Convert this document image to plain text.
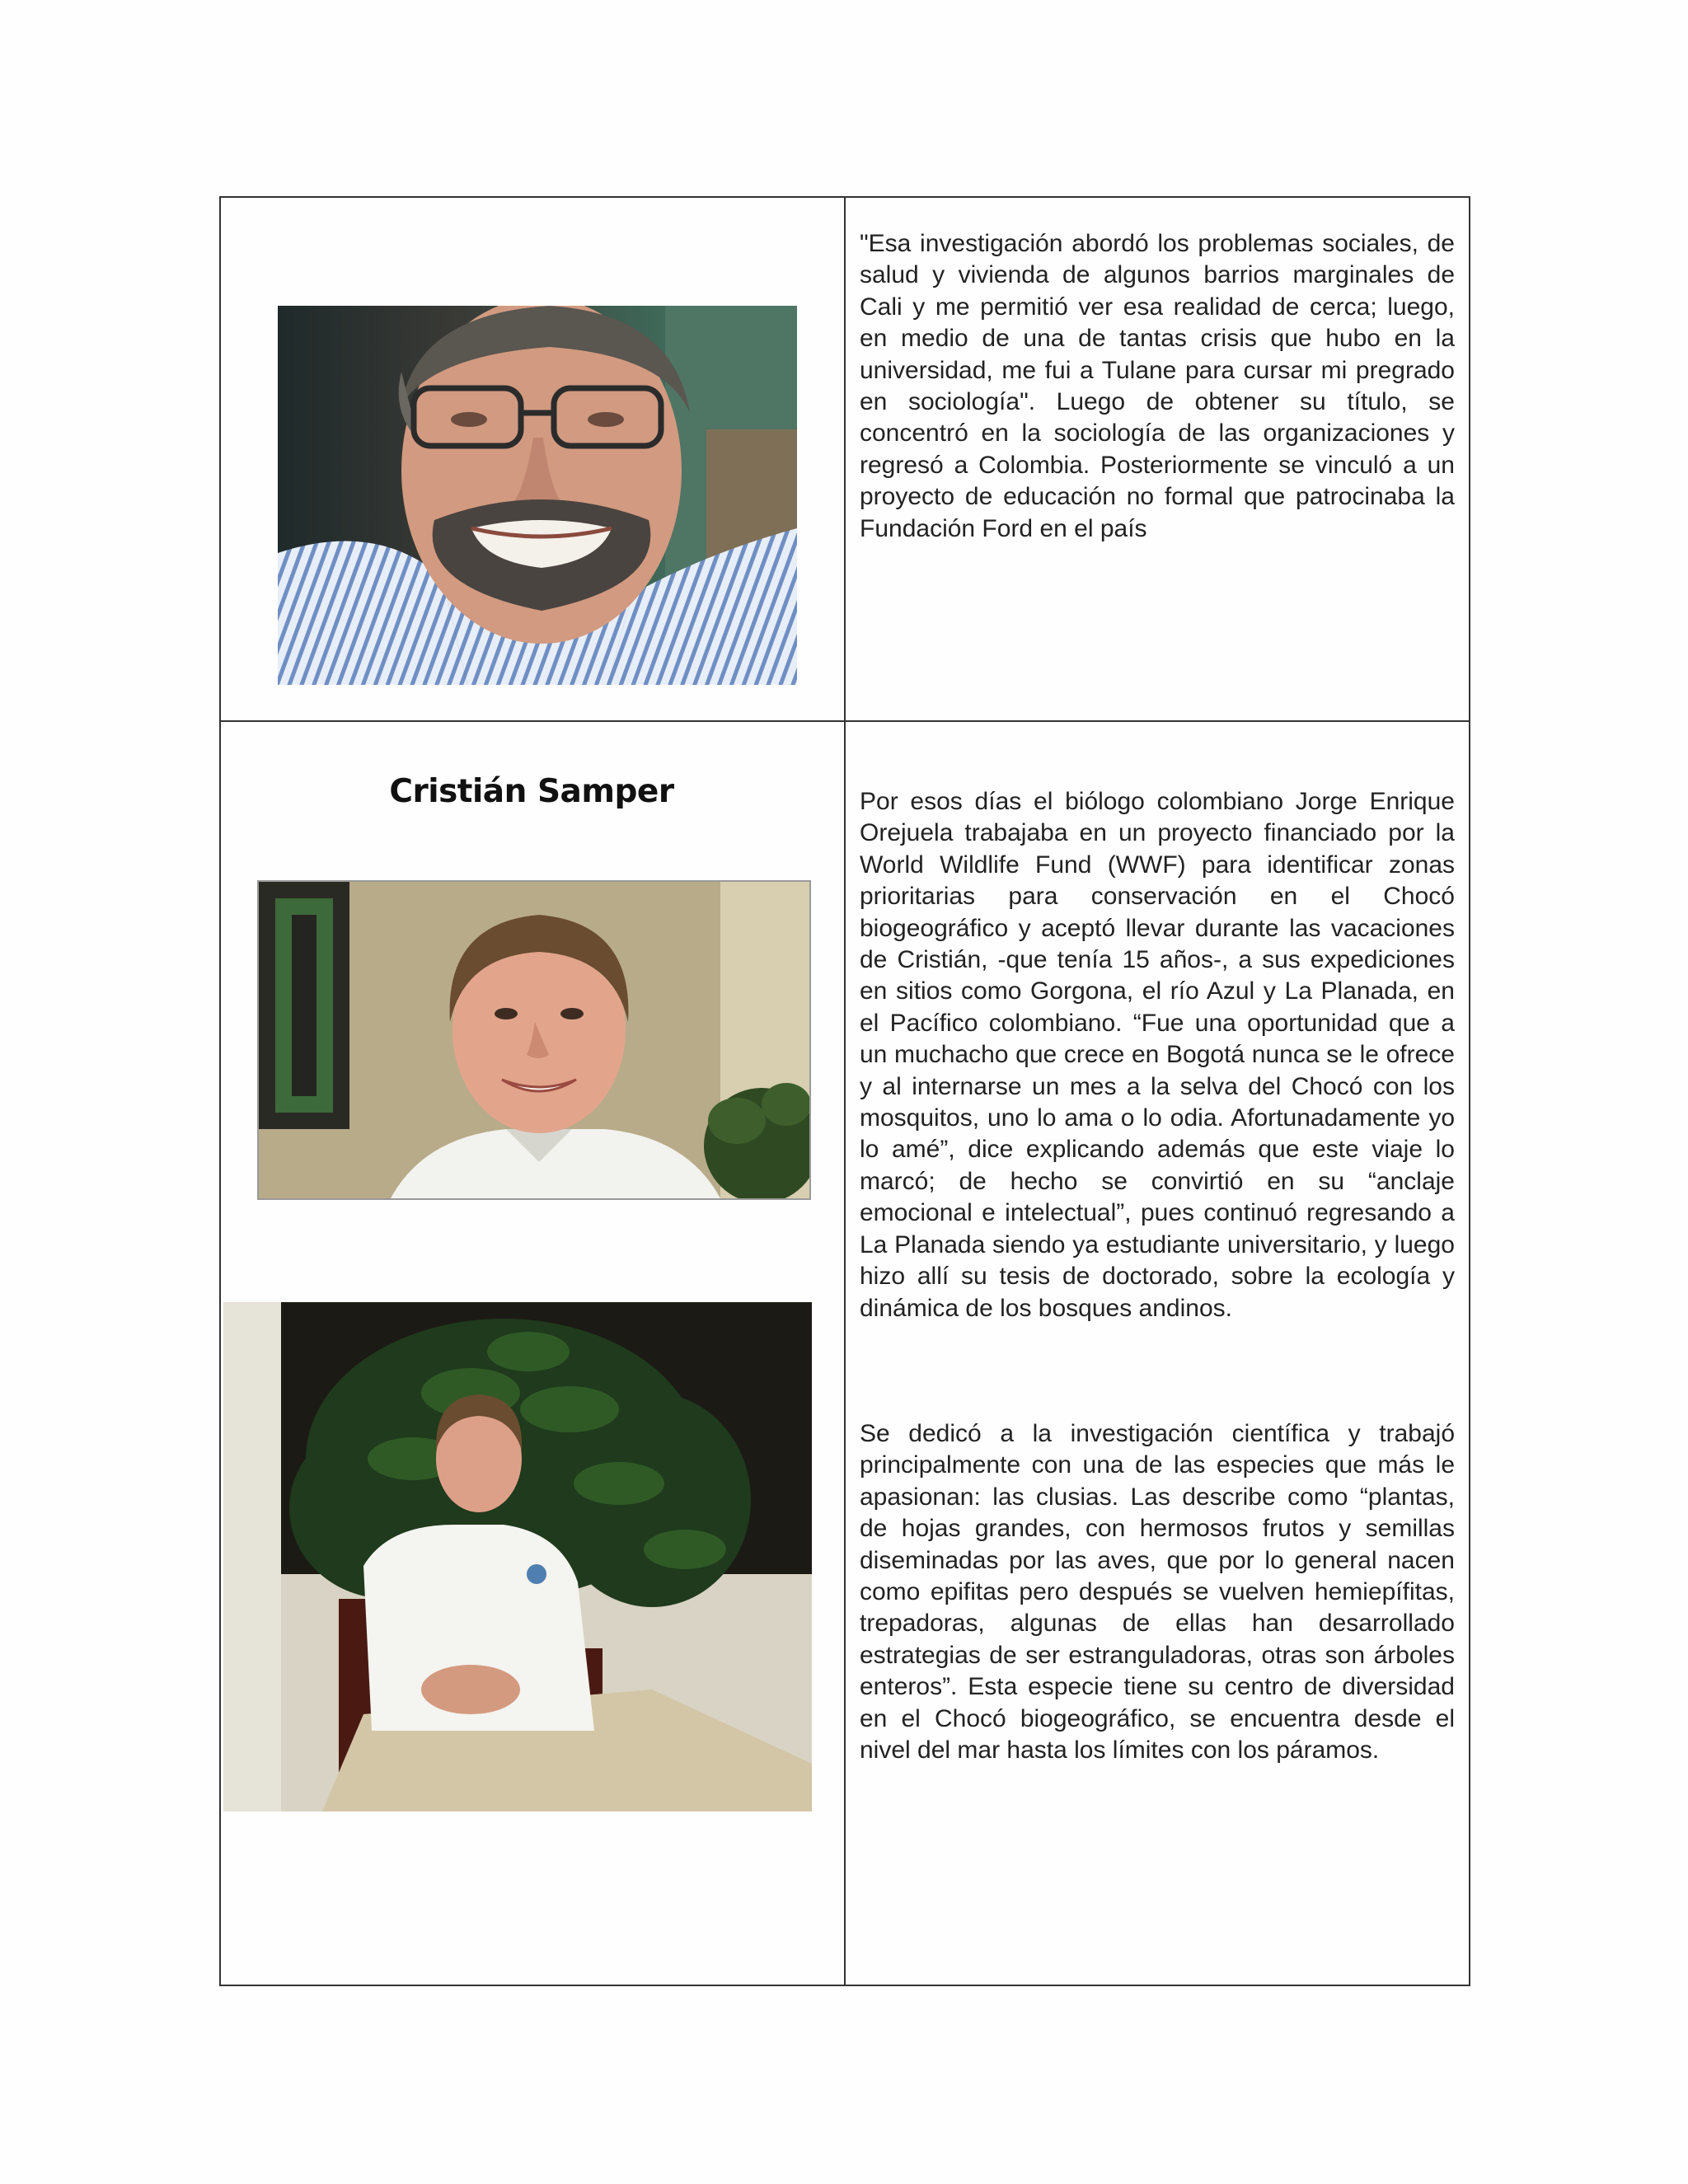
"Esa investigación abordó los problemas sociales, de salud y vivienda de algunos barrios marginales de Cali y me permitió ver esa realidad de cerca; luego, en medio de una de tantas crisis que hubo en la universidad, me fui a Tulane para cursar mi pregrado en sociología". Luego de obtener su título, se concentró en la sociología de las organizaciones y regresó a Colombia. Posteriormente se vinculó a un proyecto de educación no formal que patrocinaba la Fundación Ford en el país

Cristián Samper	Por esos días el biólogo colombiano Jorge Enrique Orejuela trabajaba en un proyecto financiado por la World Wildlife Fund (WWF) para identificar zonas prioritarias para conservación en el Chocó biogeográfico y aceptó llevar durante las vacaciones de Cristián, -que tenía 15 años-, a sus expediciones en sitios como Gorgona, el río Azul y La Planada, en el Pacífico colombiano. “Fue una oportunidad que a un muchacho que crece en Bogotá nunca se le ofrece y al internarse un mes a la selva del Chocó con los mosquitos, uno lo ama o lo odia. Afortunadamente yo lo amé”, dice explicando además que este viaje lo marcó; de hecho se convirtió en su “anclaje emocional e intelectual”, pues continuó regresando a La Planada siendo ya estudiante universitario, y luego hizo allí su tesis de doctorado, sobre la ecología y dinámica de los bosques andinos.

Se dedicó a la investigación científica y trabajó principalmente con una de las especies que más le apasionan: las clusias. Las describe como “plantas, de hojas grandes, con hermosos frutos y semillas diseminadas por las aves, que por lo general nacen como epifitas pero después se vuelven hemiepífitas, trepadoras, algunas de ellas han desarrollado estrategias de ser estranguladoras, otras son árboles enteros”. Esta especie tiene su centro de diversidad en el Chocó biogeográfico, se encuentra desde el nivel del mar hasta los límites con los páramos.
